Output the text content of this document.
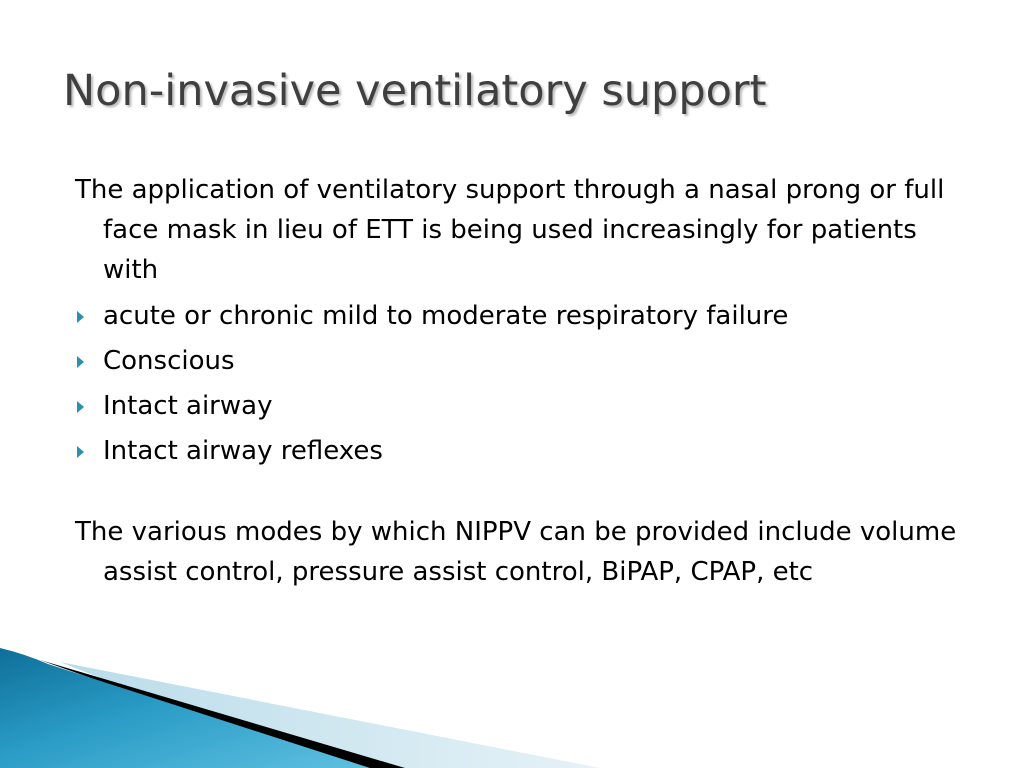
Non-invasive ventilatory support

The application of ventilatory support through a nasal prong or full face mask in lieu of ETT is being used increasingly for patients with

acute or chronic mild to moderate respiratory failure
Conscious
Intact airway
Intact airway reflexes

The various modes by which NIPPV can be provided include volume assist control, pressure assist control, BiPAP, CPAP, etc
